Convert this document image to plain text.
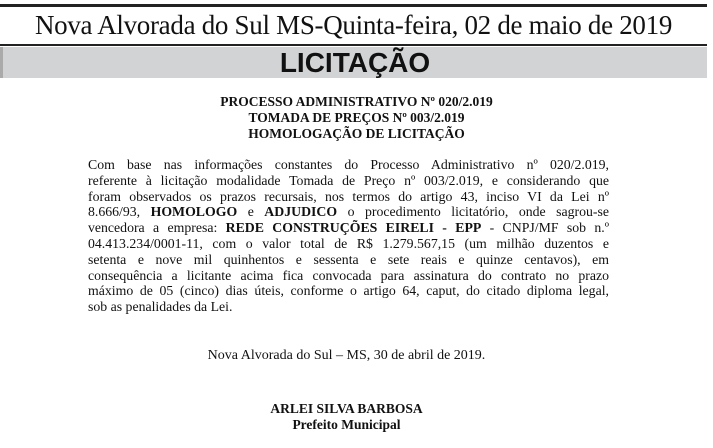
Nova Alvorada do Sul MS-Quinta-feira, 02 de maio de 2019
LICITAÇÃO
PROCESSO ADMINISTRATIVO Nº 020/2.019
TOMADA DE PREÇOS Nº 003/2.019
HOMOLOGAÇÃO DE LICITAÇÃO
Com base nas informações constantes do Processo Administrativo nº 020/2.019,
referente à licitação modalidade Tomada de Preço nº 003/2.019, e considerando que
foram observados os prazos recursais, nos termos do artigo 43, inciso VI da Lei nº
8.666/93, HOMOLOGO e ADJUDICO o procedimento licitatório, onde sagrou-se
vencedora a empresa: REDE CONSTRUÇÕES EIRELI - EPP - CNPJ/MF sob n.º
04.413.234/0001-11, com o valor total de R$ 1.279.567,15 (um milhão duzentos e
setenta e nove mil quinhentos e sessenta e sete reais e quinze centavos), em
consequência a licitante acima fica convocada para assinatura do contrato no prazo
máximo de 05 (cinco) dias úteis, conforme o artigo 64, caput, do citado diploma legal,
sob as penalidades da Lei.
Nova Alvorada do Sul – MS, 30 de abril de 2019.
ARLEI SILVA BARBOSA
Prefeito Municipal
